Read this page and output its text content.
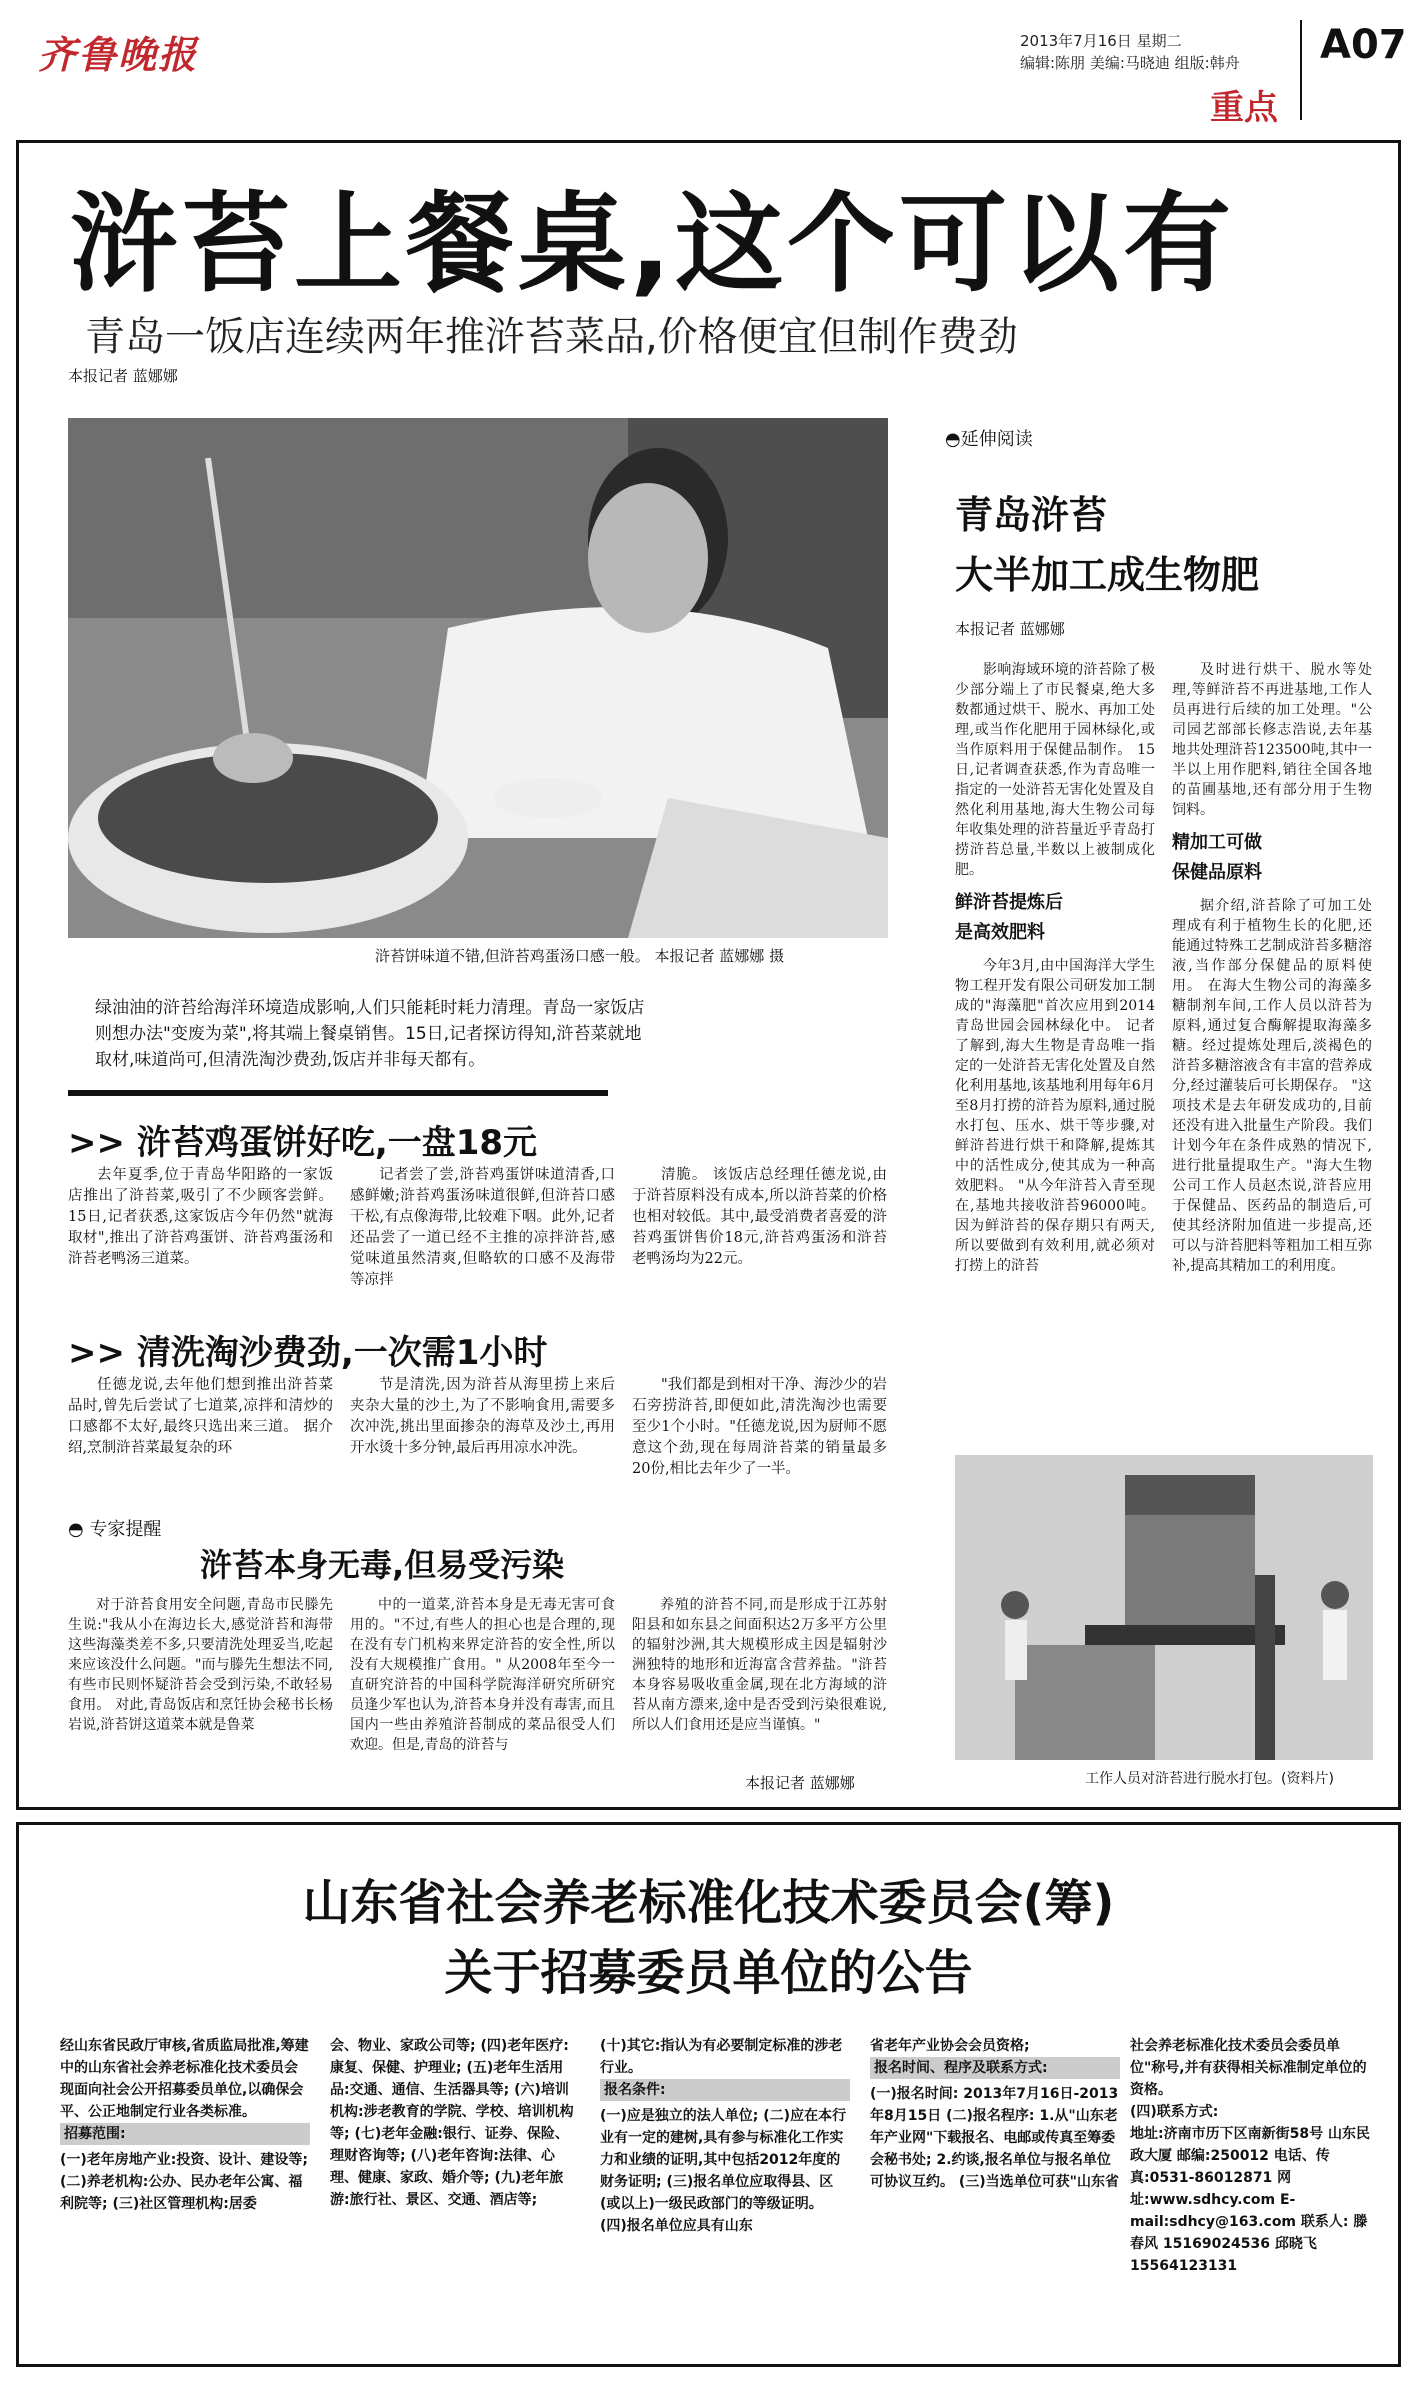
齐鲁晚报	2013年7月16日 星期二
编辑:陈朋 美编:马晓迪 组版:韩舟 A07
重点
浒苔上餐桌,这个可以有
青岛一饭店连续两年推浒苔菜品,价格便宜但制作费劲
本报记者 蓝娜娜
浒苔饼味道不错,但浒苔鸡蛋汤口感一般。 本报记者 蓝娜娜 摄
绿油油的浒苔给海洋环境造成影响,人们只能耗时耗力清理。青岛一家饭店则想办法"变废为菜",将其端上餐桌销售。15日,记者探访得知,浒苔菜就地取材,味道尚可,但清洗淘沙费劲,饭店并非每天都有。
>> 浒苔鸡蛋饼好吃,一盘18元

去年夏季,位于青岛华阳路的一家饭店推出了浒苔菜,吸引了不少顾客尝鲜。15日,记者获悉,这家饭店今年仍然"就海取材",推出了浒苔鸡蛋饼、浒苔鸡蛋汤和浒苔老鸭汤三道菜。

记者尝了尝,浒苔鸡蛋饼味道清香,口感鲜嫩;浒苔鸡蛋汤味道很鲜,但浒苔口感干松,有点像海带,比较难下咽。此外,记者还品尝了一道已经不主推的凉拌浒苔,感觉味道虽然清爽,但略软的口感不及海带等凉拌

清脆。 该饭店总经理任德龙说,由于浒苔原料没有成本,所以浒苔菜的价格也相对较低。其中,最受消费者喜爱的浒苔鸡蛋饼售价18元,浒苔鸡蛋汤和浒苔老鸭汤均为22元。

>> 清洗淘沙费劲,一次需1小时

任德龙说,去年他们想到推出浒苔菜品时,曾先后尝试了七道菜,凉拌和清炒的口感都不太好,最终只选出来三道。 据介绍,烹制浒苔菜最复杂的环

节是清洗,因为浒苔从海里捞上来后夹杂大量的沙土,为了不影响食用,需要多次冲洗,挑出里面掺杂的海草及沙土,再用开水烫十多分钟,最后再用凉水冲洗。

"我们都是到相对干净、海沙少的岩石旁捞浒苔,即便如此,清洗淘沙也需要至少1个小时。"任德龙说,因为厨师不愿意这个劲,现在每周浒苔菜的销量最多20份,相比去年少了一半。

◓ 专家提醒
浒苔本身无毒,但易受污染

对于浒苔食用安全问题,青岛市民滕先生说:"我从小在海边长大,感觉浒苔和海带这些海藻类差不多,只要清洗处理妥当,吃起来应该没什么问题。"而与滕先生想法不同,有些市民则怀疑浒苔会受到污染,不敢轻易食用。 对此,青岛饭店和烹饪协会秘书长杨岩说,浒苔饼这道菜本就是鲁菜

中的一道菜,浒苔本身是无毒无害可食用的。"不过,有些人的担心也是合理的,现在没有专门机构来界定浒苔的安全性,所以没有大规模推广食用。" 从2008年至今一直研究浒苔的中国科学院海洋研究所研究员逢少军也认为,浒苔本身并没有毒害,而且国内一些由养殖浒苔制成的菜品很受人们欢迎。但是,青岛的浒苔与

养殖的浒苔不同,而是形成于江苏射阳县和如东县之间面积达2万多平方公里的辐射沙洲,其大规模形成主因是辐射沙洲独特的地形和近海富含营养盐。"浒苔本身容易吸收重金属,现在北方海域的浒苔从南方漂来,途中是否受到污染很难说,所以人们食用还是应当谨慎。"

本报记者 蓝娜娜
◓延伸阅读
青岛浒苔
大半加工成生物肥
本报记者 蓝娜娜

影响海域环境的浒苔除了极少部分端上了市民餐桌,绝大多数都通过烘干、脱水、再加工处理,或当作化肥用于园林绿化,或当作原料用于保健品制作。 15日,记者调查获悉,作为青岛唯一指定的一处浒苔无害化处置及自然化利用基地,海大生物公司每年收集处理的浒苔量近乎青岛打捞浒苔总量,半数以上被制成化肥。

鲜浒苔提炼后
是高效肥料

今年3月,由中国海洋大学生物工程开发有限公司研发加工制成的"海藻肥"首次应用到2014青岛世园会园林绿化中。 记者了解到,海大生物是青岛唯一指定的一处浒苔无害化处置及自然化利用基地,该基地利用每年6月至8月打捞的浒苔为原料,通过脱水打包、压水、烘干等步骤,对鲜浒苔进行烘干和降解,提炼其中的活性成分,使其成为一种高效肥料。 "从今年浒苔入青至现在,基地共接收浒苔96000吨。因为鲜浒苔的保存期只有两天,所以要做到有效利用,就必须对打捞上的浒苔

及时进行烘干、脱水等处理,等鲜浒苔不再进基地,工作人员再进行后续的加工处理。"公司园艺部部长修志浩说,去年基地共处理浒苔123500吨,其中一半以上用作肥料,销往全国各地的苗圃基地,还有部分用于生物饲料。

精加工可做
保健品原料

据介绍,浒苔除了可加工处理成有利于植物生长的化肥,还能通过特殊工艺制成浒苔多糖溶液,当作部分保健品的原料使用。 在海大生物公司的海藻多糖制剂车间,工作人员以浒苔为原料,通过复合酶解提取海藻多糖。经过提炼处理后,淡褐色的浒苔多糖溶液含有丰富的营养成分,经过灌装后可长期保存。 "这项技术是去年研发成功的,目前还没有进入批量生产阶段。我们计划今年在条件成熟的情况下,进行批量提取生产。"海大生物公司工作人员赵杰说,浒苔应用于保健品、医药品的制造后,可使其经济附加值进一步提高,还可以与浒苔肥料等粗加工相互弥补,提高其精加工的利用度。

工作人员对浒苔进行脱水打包。(资料片)
山东省社会养老标准化技术委员会(筹)
关于招募委员单位的公告
经山东省民政厅审核,省质监局批准,筹建中的山东省社会养老标准化技术委员会现面向社会公开招募委员单位,以确保会平、公正地制定行业各类标准。
招募范围:
(一)老年房地产业:投资、设计、建设等; (二)养老机构:公办、民办老年公寓、福利院等; (三)社区管理机构:居委
会、物业、家政公司等; (四)老年医疗:康复、保健、护理业; (五)老年生活用品:交通、通信、生活器具等; (六)培训机构:涉老教育的学院、学校、培训机构等; (七)老年金融:银行、证券、保险、理财咨询等; (八)老年咨询:法律、心理、健康、家政、婚介等; (九)老年旅游:旅行社、景区、交通、酒店等;
(十)其它:指认为有必要制定标准的涉老行业。
报名条件:
(一)应是独立的法人单位; (二)应在本行业有一定的建树,具有参与标准化工作实力和业绩的证明,其中包括2012年度的财务证明; (三)报名单位应取得县、区(或以上)一级民政部门的等级证明。 (四)报名单位应具有山东
省老年产业协会会员资格;
报名时间、程序及联系方式:
(一)报名时间: 2013年7月16日-2013年8月15日 (二)报名程序: 1.从"山东老年产业网"下载报名、电邮或传真至筹委会秘书处; 2.约谈,报名单位与报名单位可协议互约。 (三)当选单位可获"山东省
社会养老标准化技术委员会委员单位"称号,并有获得相关标准制定单位的资格。
(四)联系方式:
地址:济南市历下区南新街58号 山东民政大厦 邮编:250012 电话、传真:0531-86012871 网址:www.sdhcy.com E-mail:sdhcy@163.com 联系人: 滕春风 15169024536 邱晓飞 15564123131
